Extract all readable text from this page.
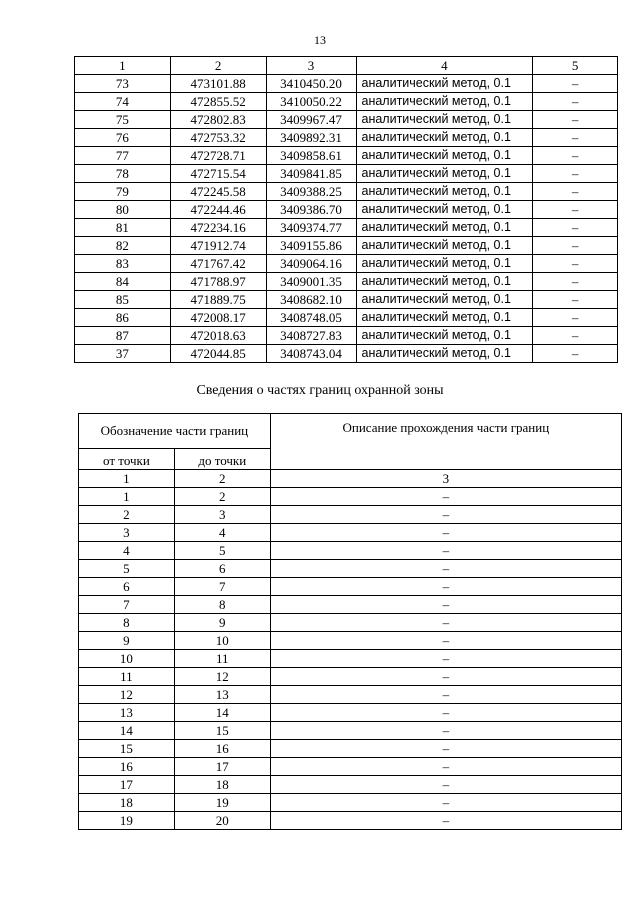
13
1	2	3	4	5
73	473101.88	3410450.20	аналитический метод, 0.1	–
74	472855.52	3410050.22	аналитический метод, 0.1	–
75	472802.83	3409967.47	аналитический метод, 0.1	–
76	472753.32	3409892.31	аналитический метод, 0.1	–
77	472728.71	3409858.61	аналитический метод, 0.1	–
78	472715.54	3409841.85	аналитический метод, 0.1	–
79	472245.58	3409388.25	аналитический метод, 0.1	–
80	472244.46	3409386.70	аналитический метод, 0.1	–
81	472234.16	3409374.77	аналитический метод, 0.1	–
82	471912.74	3409155.86	аналитический метод, 0.1	–
83	471767.42	3409064.16	аналитический метод, 0.1	–
84	471788.97	3409001.35	аналитический метод, 0.1	–
85	471889.75	3408682.10	аналитический метод, 0.1	–
86	472008.17	3408748.05	аналитический метод, 0.1	–
87	472018.63	3408727.83	аналитический метод, 0.1	–
37	472044.85	3408743.04	аналитический метод, 0.1	–
Сведения о частях границ охранной зоны
Обозначение части границ		Описание прохождения части границ
от точки	до точки	
1	2	3
1	2	–
2	3	–
3	4	–
4	5	–
5	6	–
6	7	–
7	8	–
8	9	–
9	10	–
10	11	–
11	12	–
12	13	–
13	14	–
14	15	–
15	16	–
16	17	–
17	18	–
18	19	–
19	20	–
